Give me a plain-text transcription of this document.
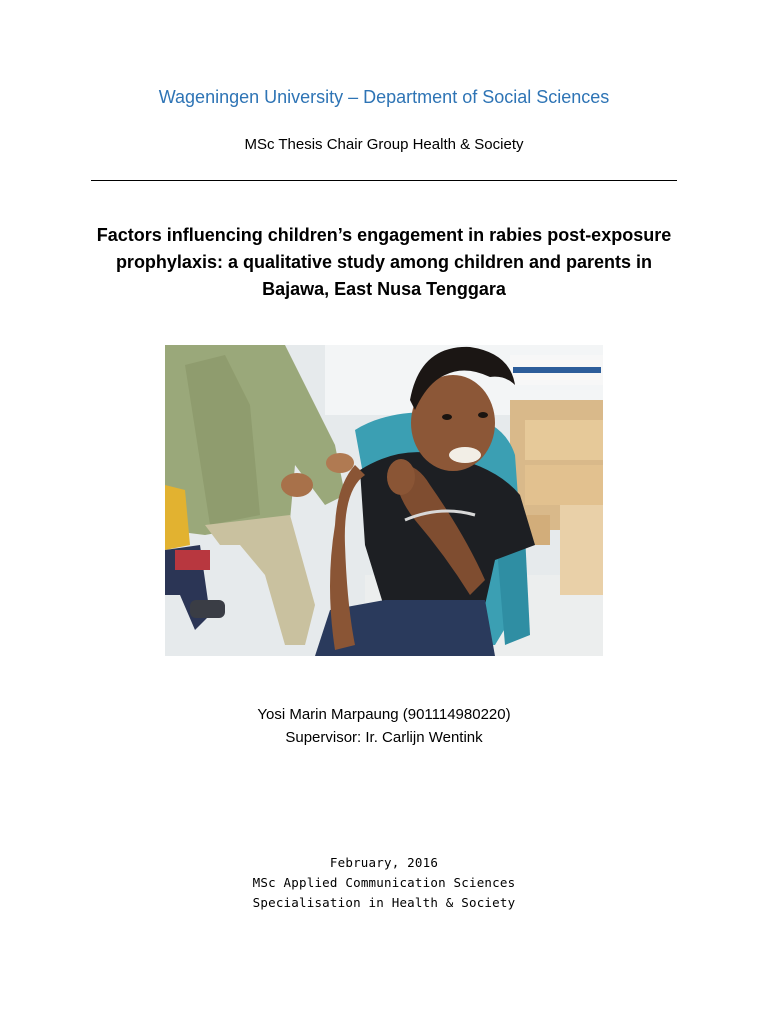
Wageningen University – Department of Social Sciences
MSc Thesis Chair Group Health & Society
Factors influencing children’s engagement in rabies post-exposure
prophylaxis: a qualitative study among children and parents in
Bajawa, East Nusa Tenggara
Yosi Marin Marpaung (901114980220)
Supervisor: Ir. Carlijn Wentink
February, 2016
MSc Applied Communication Sciences
Specialisation in Health & Society
